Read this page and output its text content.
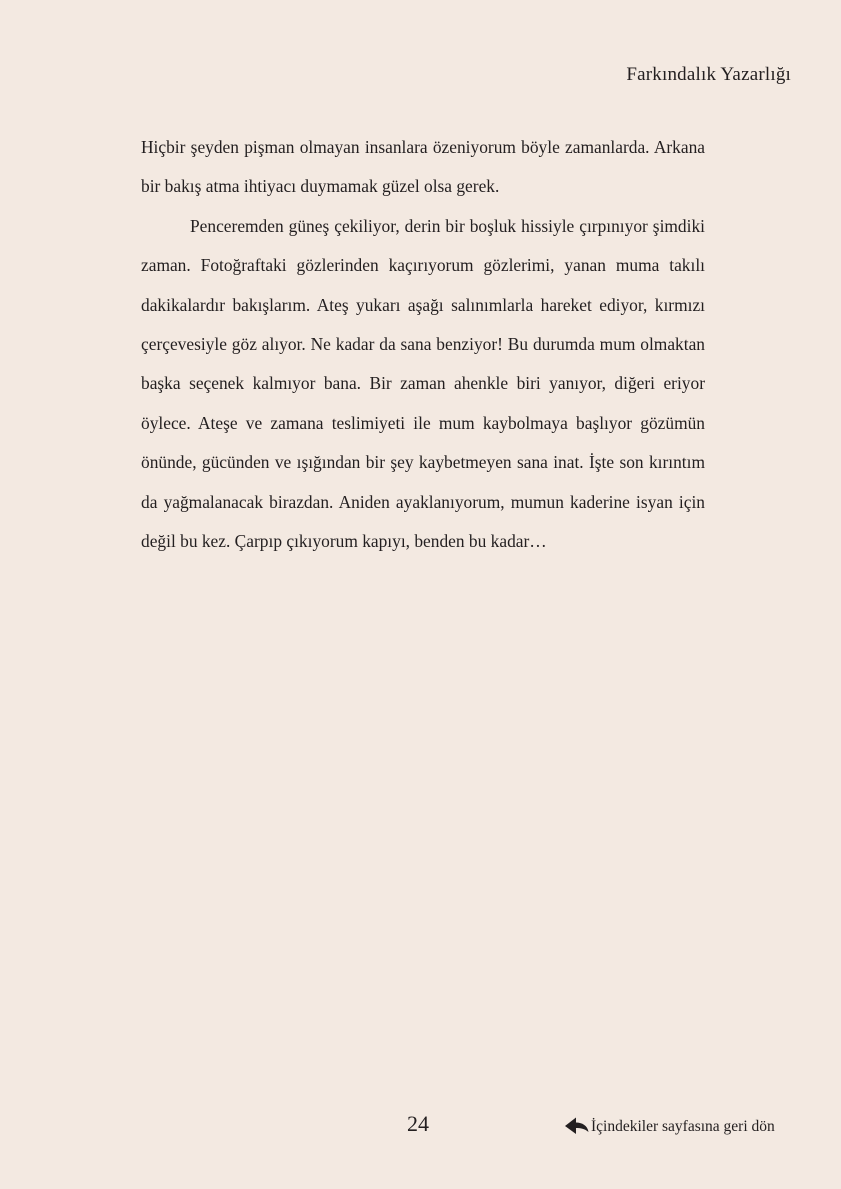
Farkındalık Yazarlığı

Hiçbir şeyden pişman olmayan insanlara özeniyorum böyle zamanlarda. Arkana bir bakış atma ihtiyacı duymamak güzel olsa gerek.

Penceremden güneş çekiliyor, derin bir boşluk hissiyle çırpınıyor şimdiki zaman. Fotoğraftaki gözlerinden kaçırıyorum gözlerimi, yanan muma takılı dakikalardır bakışlarım. Ateş yukarı aşağı salınımlarla hareket ediyor, kırmızı çerçevesiyle göz alıyor. Ne kadar da sana benziyor! Bu durumda mum olmaktan başka seçenek kalmıyor bana. Bir zaman ahenkle biri yanıyor, diğeri eriyor öylece. Ateşe ve zamana teslimiyeti ile mum kaybolmaya başlıyor gözümün önünde, gücünden ve ışığından bir şey kaybetmeyen sana inat. İşte son kırıntım da yağmalanacak birazdan. Aniden ayaklanıyorum, mumun kaderine isyan için değil bu kez. Çarpıp çıkıyorum kapıyı, benden bu kadar…

24	İçindekiler sayfasına geri dön
